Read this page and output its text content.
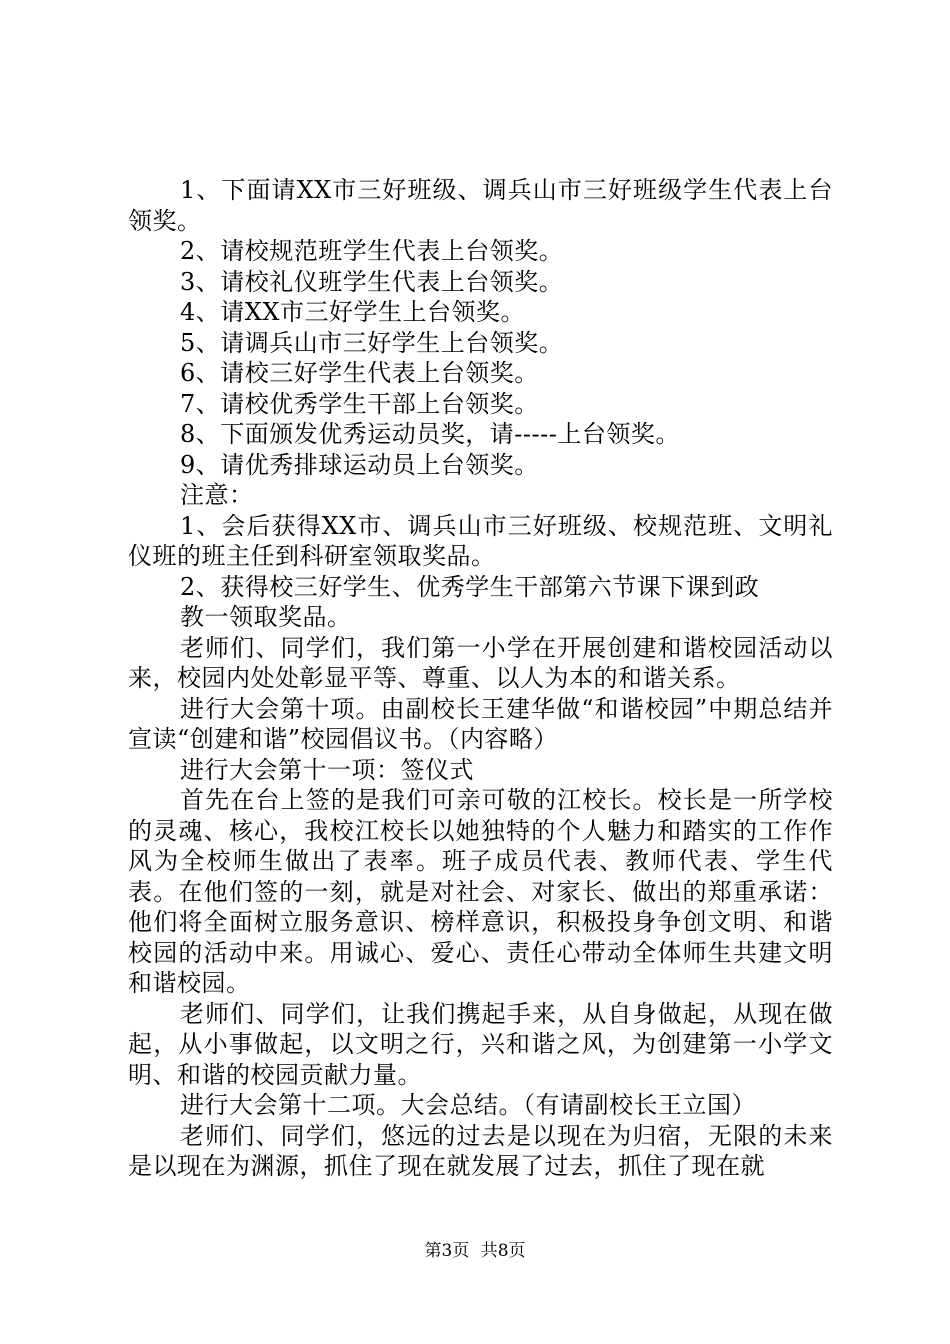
1、下面请XX市三好班级、调兵山市三好班级学生代表上台领奖。

2、请校规范班学生代表上台领奖。

3、请校礼仪班学生代表上台领奖。

4、请XX市三好学生上台领奖。

5、请调兵山市三好学生上台领奖。

6、请校三好学生代表上台领奖。

7、请校优秀学生干部上台领奖。

8、下面颁发优秀运动员奖，请-----上台领奖。

9、请优秀排球运动员上台领奖。

注意：

1、会后获得XX市、调兵山市三好班级、校规范班、文明礼仪班的班主任到科研室领取奖品。

2、获得校三好学生、优秀学生干部第六节课下课到政

教一领取奖品。

老师们、同学们，我们第一小学在开展创建和谐校园活动以来，校园内处处彰显平等、尊重、以人为本的和谐关系。

进行大会第十项。由副校长王建华做“和谐校园”中期总结并宣读“创建和谐”校园倡议书。（内容略）

进行大会第十一项：签仪式

首先在台上签的是我们可亲可敬的江校长。校长是一所学校的灵魂、核心，我校江校长以她独特的个人魅力和踏实的工作作风为全校师生做出了表率。班子成员代表、教师代表、学生代表。在他们签的一刻，就是对社会、对家长、做出的郑重承诺：他们将全面树立服务意识、榜样意识，积极投身争创文明、和谐校园的活动中来。用诚心、爱心、责任心带动全体师生共建文明和谐校园。

老师们、同学们，让我们携起手来，从自身做起，从现在做起，从小事做起，以文明之行，兴和谐之风，为创建第一小学文明、和谐的校园贡献力量。

进行大会第十二项。大会总结。（有请副校长王立国）

老师们、同学们，悠远的过去是以现在为归宿，无限的未来是以现在为渊源，抓住了现在就发展了过去，抓住了现在就

第3页 共8页
